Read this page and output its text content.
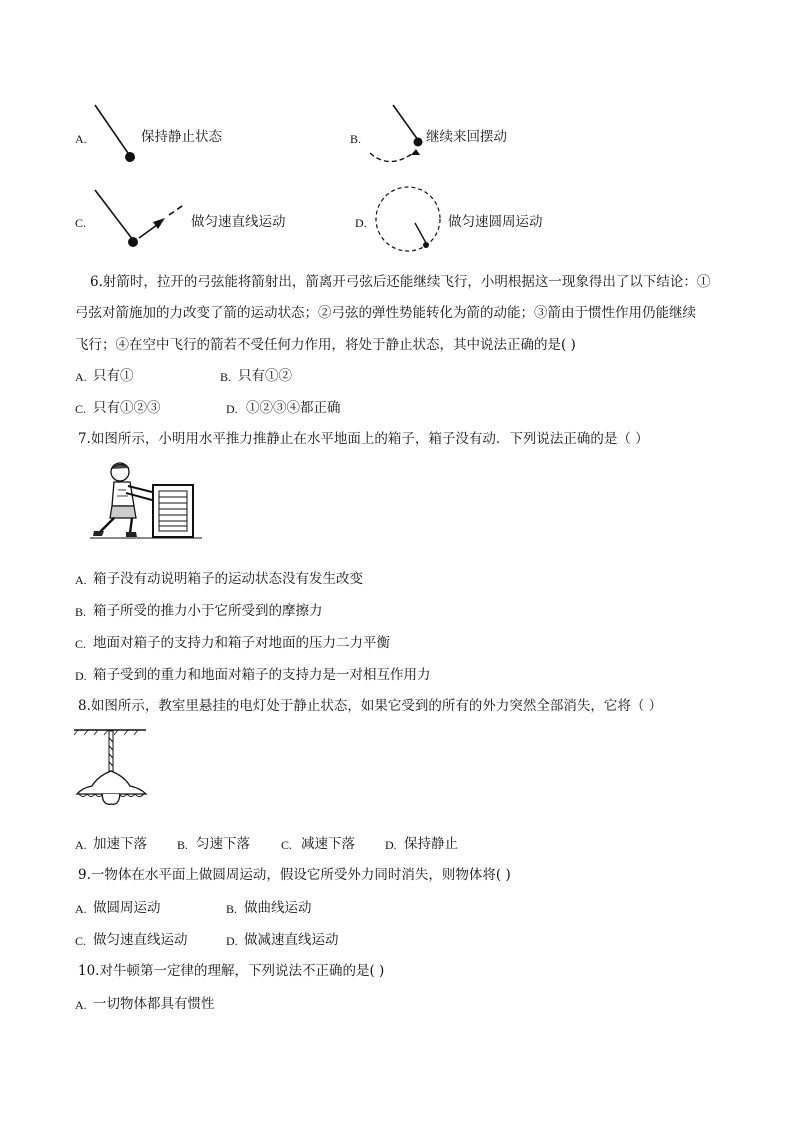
A.	保持静止状态	B.	继续来回摆动
C.	做匀速直线运动	D.	做匀速圆周运动
6.射箭时，拉开的弓弦能将箭射出，箭离开弓弦后还能继续飞行，小明根据这一现象得出了以下结论：①
弓弦对箭施加的力改变了箭的运动状态；②弓弦的弹性势能转化为箭的动能；③箭由于惯性作用仍能继续
飞行；④在空中飞行的箭若不受任何力作用，将处于静止状态，其中说法正确的是( )
A. 只有①	B. 只有①②
C. 只有①②③	D. ①②③④都正确
7.如图所示，小明用水平推力推静止在水平地面上的箱子，箱子没有动．下列说法正确的是（ ）
A. 箱子没有动说明箱子的运动状态没有发生改变
B. 箱子所受的推力小于它所受到的摩擦力
C. 地面对箱子的支持力和箱子对地面的压力二力平衡
D. 箱子受到的重力和地面对箱子的支持力是一对相互作用力
8.如图所示，教室里悬挂的电灯处于静止状态，如果它受到的所有的外力突然全部消失，它将（ ）
A. 加速下落	B. 匀速下落	C. 减速下落	D. 保持静止
9.一物体在水平面上做圆周运动，假设它所受外力同时消失，则物体将( )
A. 做圆周运动	B. 做曲线运动
C. 做匀速直线运动	D. 做减速直线运动
10.对牛顿第一定律的理解，下列说法不正确的是( )
A. 一切物体都具有惯性
